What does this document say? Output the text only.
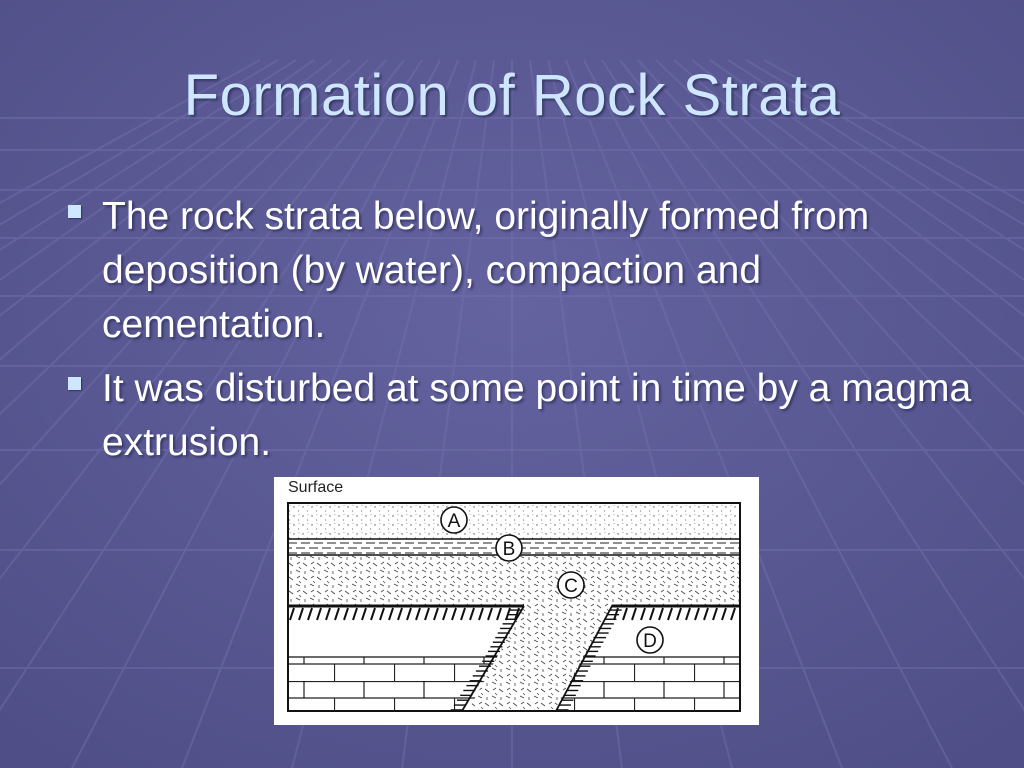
Formation of Rock Strata
The rock strata below, originally formed from deposition (by water), compaction and cementation.
It was disturbed at some point in time by a magma extrusion.
A
B
C
D
Surface
